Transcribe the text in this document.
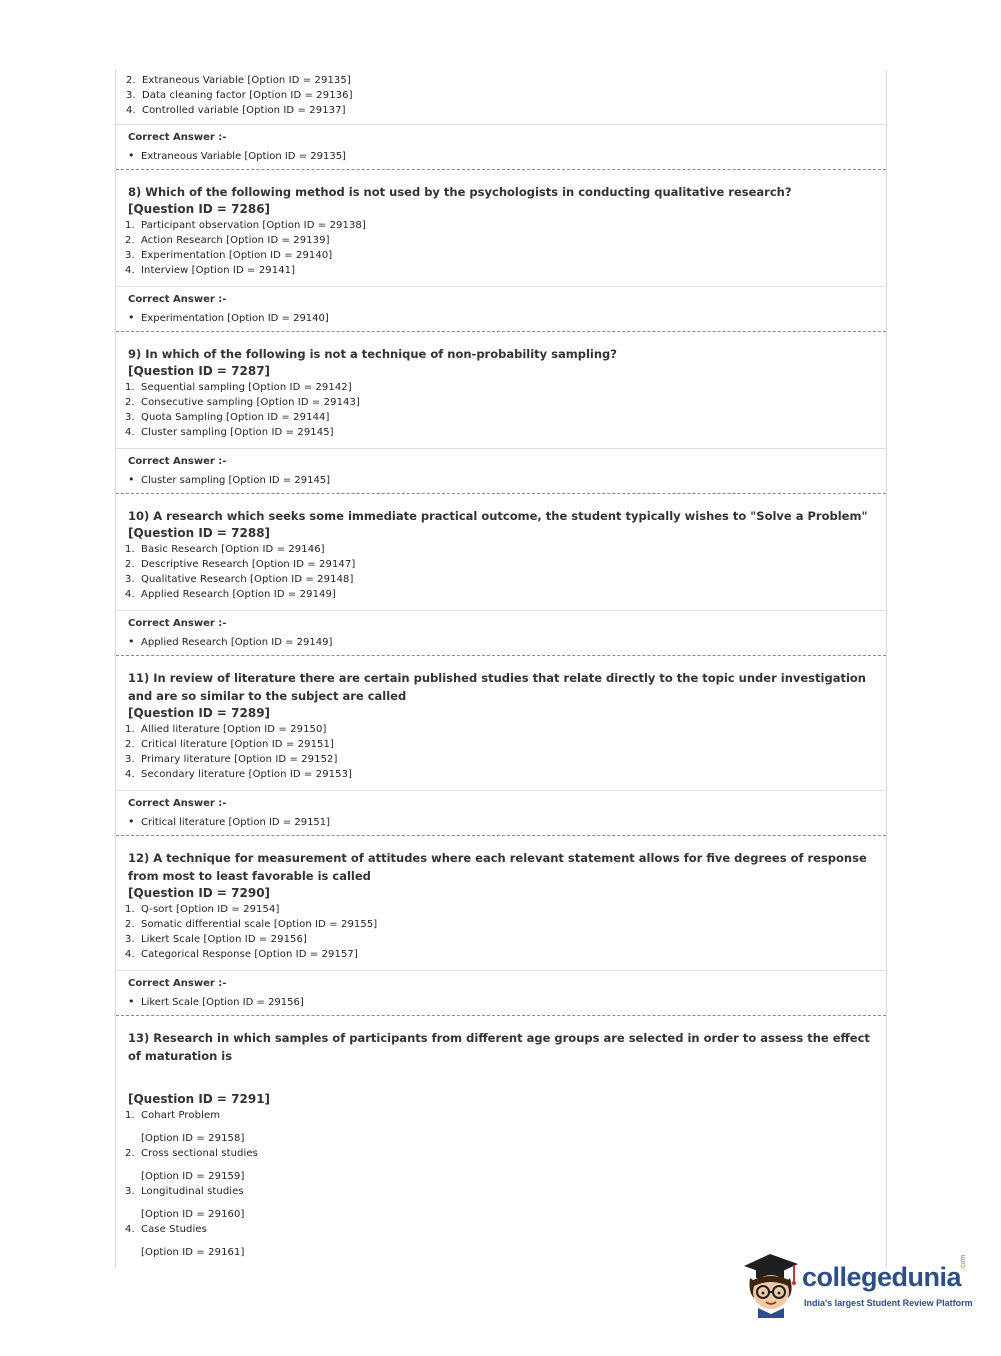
2. Extraneous Variable [Option ID = 29135]
3. Data cleaning factor [Option ID = 29136]
4. Controlled variable [Option ID = 29137]
Correct Answer :-
• Extraneous Variable [Option ID = 29135]
8) Which of the following method is not used by the psychologists in conducting qualitative research?
[Question ID = 7286]
1. Participant observation [Option ID = 29138]
2. Action Research [Option ID = 29139]
3. Experimentation [Option ID = 29140]
4. Interview [Option ID = 29141]
Correct Answer :-
• Experimentation [Option ID = 29140]
9) In which of the following is not a technique of non-probability sampling?
[Question ID = 7287]
1. Sequential sampling [Option ID = 29142]
2. Consecutive sampling [Option ID = 29143]
3. Quota Sampling [Option ID = 29144]
4. Cluster sampling [Option ID = 29145]
Correct Answer :-
• Cluster sampling [Option ID = 29145]
10) A research which seeks some immediate practical outcome, the student typically wishes to "Solve a Problem"
[Question ID = 7288]
1. Basic Research [Option ID = 29146]
2. Descriptive Research [Option ID = 29147]
3. Qualitative Research [Option ID = 29148]
4. Applied Research [Option ID = 29149]
Correct Answer :-
• Applied Research [Option ID = 29149]
11) In review of literature there are certain published studies that relate directly to the topic under investigation and are so similar to the subject are called
[Question ID = 7289]
1. Allied literature [Option ID = 29150]
2. Critical literature [Option ID = 29151]
3. Primary literature [Option ID = 29152]
4. Secondary literature [Option ID = 29153]
Correct Answer :-
• Critical literature [Option ID = 29151]
12) A technique for measurement of attitudes where each relevant statement allows for five degrees of response from most to least favorable is called
[Question ID = 7290]
1. Q-sort [Option ID = 29154]
2. Somatic differential scale [Option ID = 29155]
3. Likert Scale [Option ID = 29156]
4. Categorical Response [Option ID = 29157]
Correct Answer :-
• Likert Scale [Option ID = 29156]
13) Research in which samples of participants from different age groups are selected in order to assess the effect of maturation is
[Question ID = 7291]
1. Cohart Problem
[Option ID = 29158]
2. Cross sectional studies
[Option ID = 29159]
3. Longitudinal studies
[Option ID = 29160]
4. Case Studies
[Option ID = 29161]
collegedunia
.com
India's largest Student Review Platform
